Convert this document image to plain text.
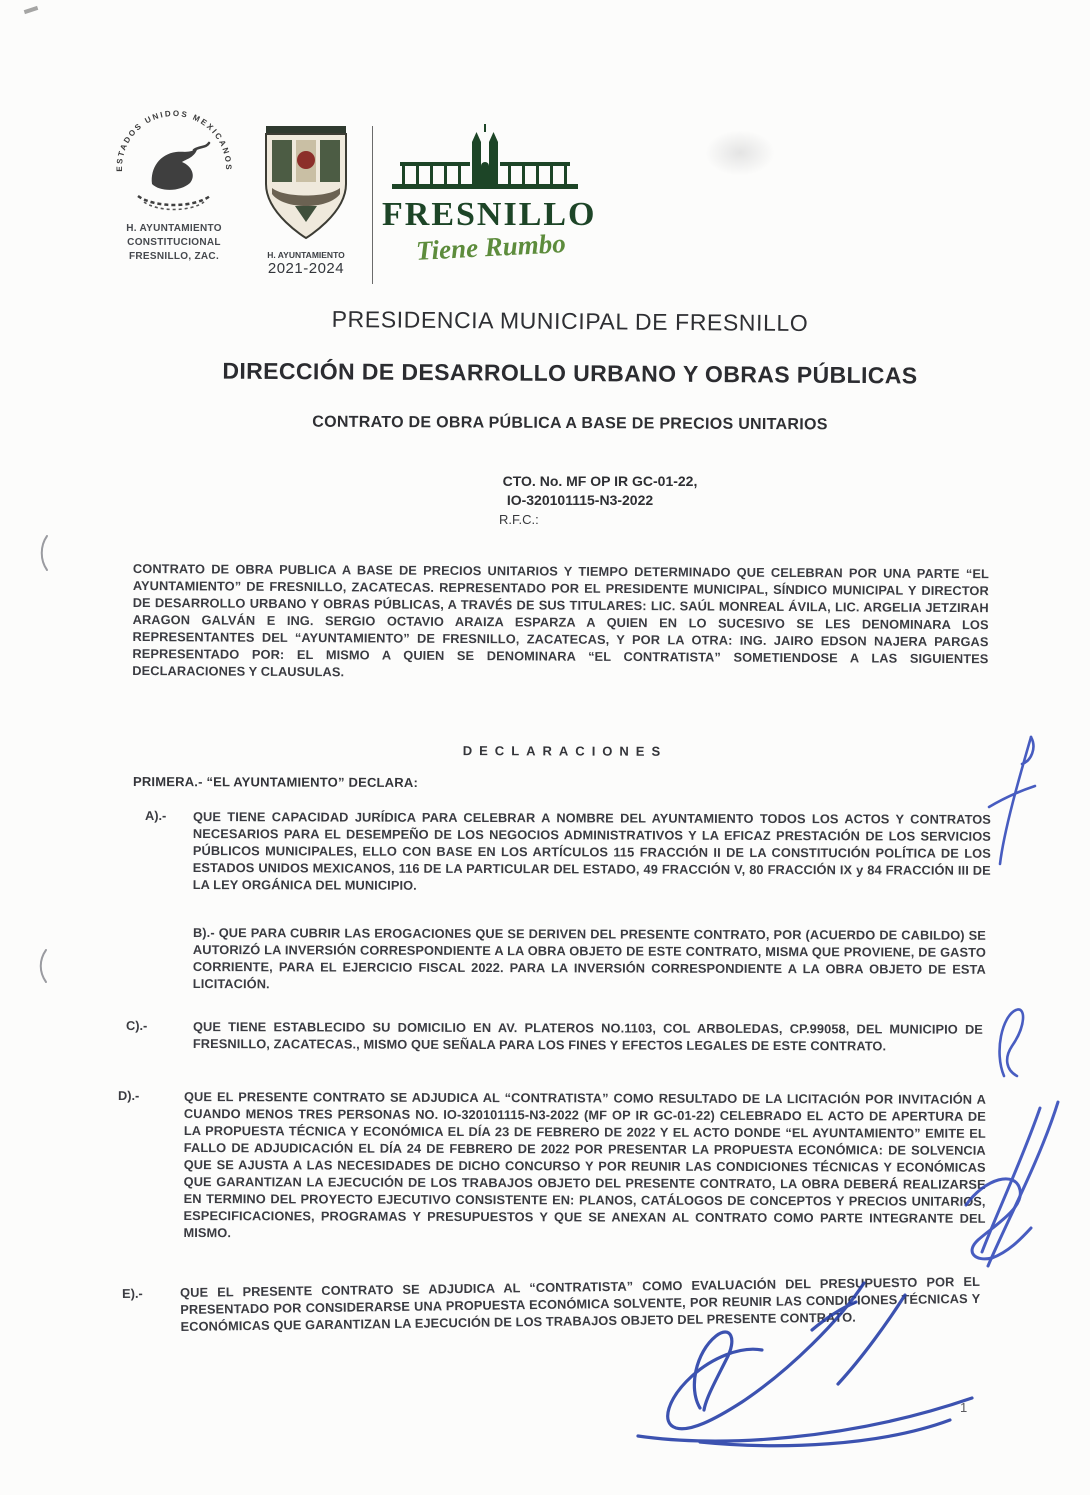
ESTADOS UNIDOS MEXICANOS
H. AYUNTAMIENTO
CONSTITUCIONAL
FRESNILLO, ZAC.	H. AYUNTAMIENTO
2021-2024
FRESNILLO
Tiene Rumbo
PRESIDENCIA MUNICIPAL DE FRESNILLO
DIRECCIÓN DE DESARROLLO URBANO Y OBRAS PÚBLICAS
CONTRATO DE OBRA PÚBLICA A BASE DE PRECIOS UNITARIOS
CTO. No. MF OP IR GC-01-22,
IO-320101115-N3-2022
R.F.C.:
CONTRATO DE OBRA PUBLICA A BASE DE PRECIOS UNITARIOS Y TIEMPO DETERMINADO QUE CELEBRAN POR UNA PARTE “EL AYUNTAMIENTO” DE FRESNILLO, ZACATECAS. REPRESENTADO POR EL PRESIDENTE MUNICIPAL, SÍNDICO MUNICIPAL Y DIRECTOR DE DESARROLLO URBANO Y OBRAS PÚBLICAS, A TRAVÉS DE SUS TITULARES: LIC. SAÚL MONREAL ÁVILA, LIC. ARGELIA JETZIRAH ARAGON GALVÁN E ING. SERGIO OCTAVIO ARAIZA ESPARZA A QUIEN EN LO SUCESIVO SE LES DENOMINARA LOS REPRESENTANTES DEL “AYUNTAMIENTO” DE FRESNILLO, ZACATECAS, Y POR LA OTRA: ING. JAIRO EDSON NAJERA PARGAS REPRESENTADO POR: EL MISMO A QUIEN SE DENOMINARA “EL CONTRATISTA” SOMETIENDOSE A LAS SIGUIENTES DECLARACIONES Y CLAUSULAS.
DECLARACIONES
PRIMERA.- “EL AYUNTAMIENTO” DECLARA:
A).- QUE TIENE CAPACIDAD JURÍDICA PARA CELEBRAR A NOMBRE DEL AYUNTAMIENTO TODOS LOS ACTOS Y CONTRATOS NECESARIOS PARA EL DESEMPEÑO DE LOS NEGOCIOS ADMINISTRATIVOS Y LA EFICAZ PRESTACIÓN DE LOS SERVICIOS PÚBLICOS MUNICIPALES, ELLO CON BASE EN LOS ARTÍCULOS 115 FRACCIÓN II DE LA CONSTITUCIÓN POLÍTICA DE LOS ESTADOS UNIDOS MEXICANOS, 116 DE LA PARTICULAR DEL ESTADO, 49 FRACCIÓN V, 80 FRACCIÓN IX y 84 FRACCIÓN III DE LA LEY ORGÁNICA DEL MUNICIPIO.
B).- QUE PARA CUBRIR LAS EROGACIONES QUE SE DERIVEN DEL PRESENTE CONTRATO, POR (ACUERDO DE CABILDO) SE AUTORIZÓ LA INVERSIÓN CORRESPONDIENTE A LA OBRA OBJETO DE ESTE CONTRATO, MISMA QUE PROVIENE, DE GASTO CORRIENTE, PARA EL EJERCICIO FISCAL 2022. PARA LA INVERSIÓN CORRESPONDIENTE A LA OBRA OBJETO DE ESTA LICITACIÓN.
C).-	QUE TIENE ESTABLECIDO SU DOMICILIO EN AV. PLATEROS NO.1103, COL ARBOLEDAS, CP.99058, DEL MUNICIPIO DE FRESNILLO, ZACATECAS., MISMO QUE SEÑALA PARA LOS FINES Y EFECTOS LEGALES DE ESTE CONTRATO.
D).-	QUE EL PRESENTE CONTRATO SE ADJUDICA AL “CONTRATISTA” COMO RESULTADO DE LA LICITACIÓN POR INVITACIÓN A CUANDO MENOS TRES PERSONAS NO. IO-320101115-N3-2022 (MF OP IR GC-01-22) CELEBRADO EL ACTO DE APERTURA DE LA PROPUESTA TÉCNICA Y ECONÓMICA EL DÍA 23 DE FEBRERO DE 2022 Y EL ACTO DONDE “EL AYUNTAMIENTO” EMITE EL FALLO DE ADJUDICACIÓN EL DÍA 24 DE FEBRERO DE 2022 POR PRESENTAR LA PROPUESTA ECONÓMICA: DE SOLVENCIA QUE SE AJUSTA A LAS NECESIDADES DE DICHO CONCURSO Y POR REUNIR LAS CONDICIONES TÉCNICAS Y ECONÓMICAS QUE GARANTIZAN LA EJECUCIÓN DE LOS TRABAJOS OBJETO DEL PRESENTE CONTRATO, LA OBRA DEBERÁ REALIZARSE EN TERMINO DEL PROYECTO EJECUTIVO CONSISTENTE EN: PLANOS, CATÁLOGOS DE CONCEPTOS Y PRECIOS UNITARIOS, ESPECIFICACIONES, PROGRAMAS Y PRESUPUESTOS Y QUE SE ANEXAN AL CONTRATO COMO PARTE INTEGRANTE DEL MISMO.
E).-	QUE EL PRESENTE CONTRATO SE ADJUDICA AL “CONTRATISTA” COMO EVALUACIÓN DEL PRESUPUESTO POR EL PRESENTADO POR CONSIDERARSE UNA PROPUESTA ECONÓMICA SOLVENTE, POR REUNIR LAS CONDICIONES TÉCNICAS Y ECONÓMICAS QUE GARANTIZAN LA EJECUCIÓN DE LOS TRABAJOS OBJETO DEL PRESENTE CONTRATO.
1
